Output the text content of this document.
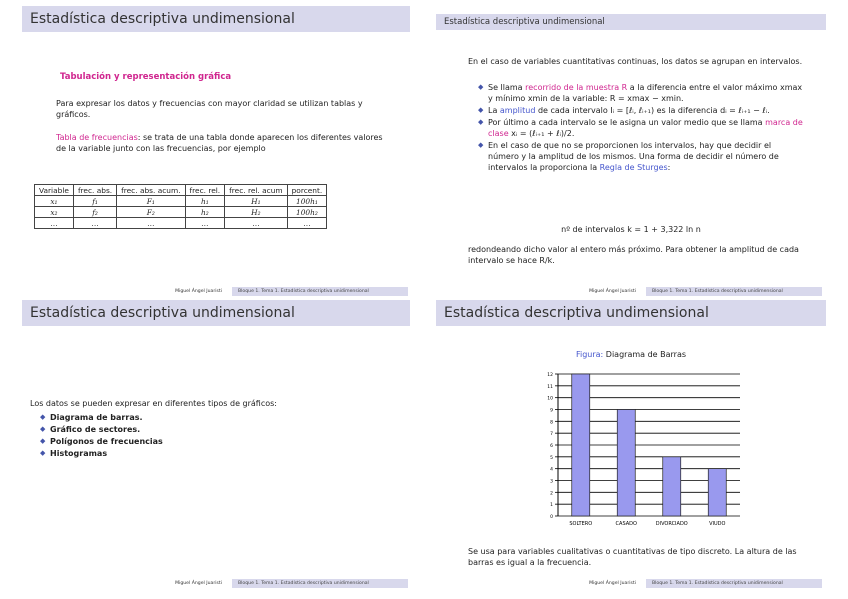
Estadística descriptiva undimensional
Tabulación y representación gráfica
Para expresar los datos y frecuencias con mayor claridad se utilizan tablas y gráficos.
Tabla de frecuencias: se trata de una tabla donde aparecen los diferentes valores de la variable junto con las frecuencias, por ejemplo
Variable	frec. abs.	frec. abs. acum.	frec. rel.	frec. rel. acum	porcent.
x₁	f₁	F₁	h₁	H₁	100h₁
x₂	f₂	F₂	h₂	H₂	100h₂
…	…	…	…	…	…
Miguel Ángel Juaristi	Bloque 1. Tema 1. Estadística descriptiva unidimensional
Estadística descriptiva undimensional
En el caso de variables cuantitativas continuas, los datos se agrupan en intervalos.
◆ Se llama recorrido de la muestra R a la diferencia entre el valor máximo xmax y mínimo xmin de la variable: R = xmax − xmin.
◆ La amplitud de cada intervalo Iᵢ = [ℓᵢ, ℓᵢ₊₁) es la diferencia dᵢ = ℓᵢ₊₁ − ℓᵢ.
◆ Por último a cada intervalo se le asigna un valor medio que se llama marca de clase xᵢ = (ℓᵢ₊₁ + ℓᵢ)/2.
◆ En el caso de que no se proporcionen los intervalos, hay que decidir el número y la amplitud de los mismos. Una forma de decidir el número de intervalos la proporciona la Regla de Sturges:
nº de intervalos k = 1 + 3,322 ln n
redondeando dicho valor al entero más próximo. Para obtener la amplitud de cada intervalo se hace R/k.
Miguel Ángel Juaristi	Bloque 1. Tema 1. Estadística descriptiva unidimensional
Estadística descriptiva undimensional
Los datos se pueden expresar en diferentes tipos de gráficos:
◆ Diagrama de barras.
◆ Gráfico de sectores.
◆ Polígonos de frecuencias
◆ Histogramas
Miguel Ángel Juaristi	Bloque 1. Tema 1. Estadística descriptiva unidimensional
Estadística descriptiva undimensional
Figura: Diagrama de Barras
0
1
2
3
4
5
6
7
8
9
10
11
12
SOLTERO	CASADO	DIVORCIADO	VIUDO
Se usa para variables cualitativas o cuantitativas de tipo discreto. La altura de las barras es igual a la frecuencia.
Miguel Ángel Juaristi	Bloque 1. Tema 1. Estadística descriptiva unidimensional
